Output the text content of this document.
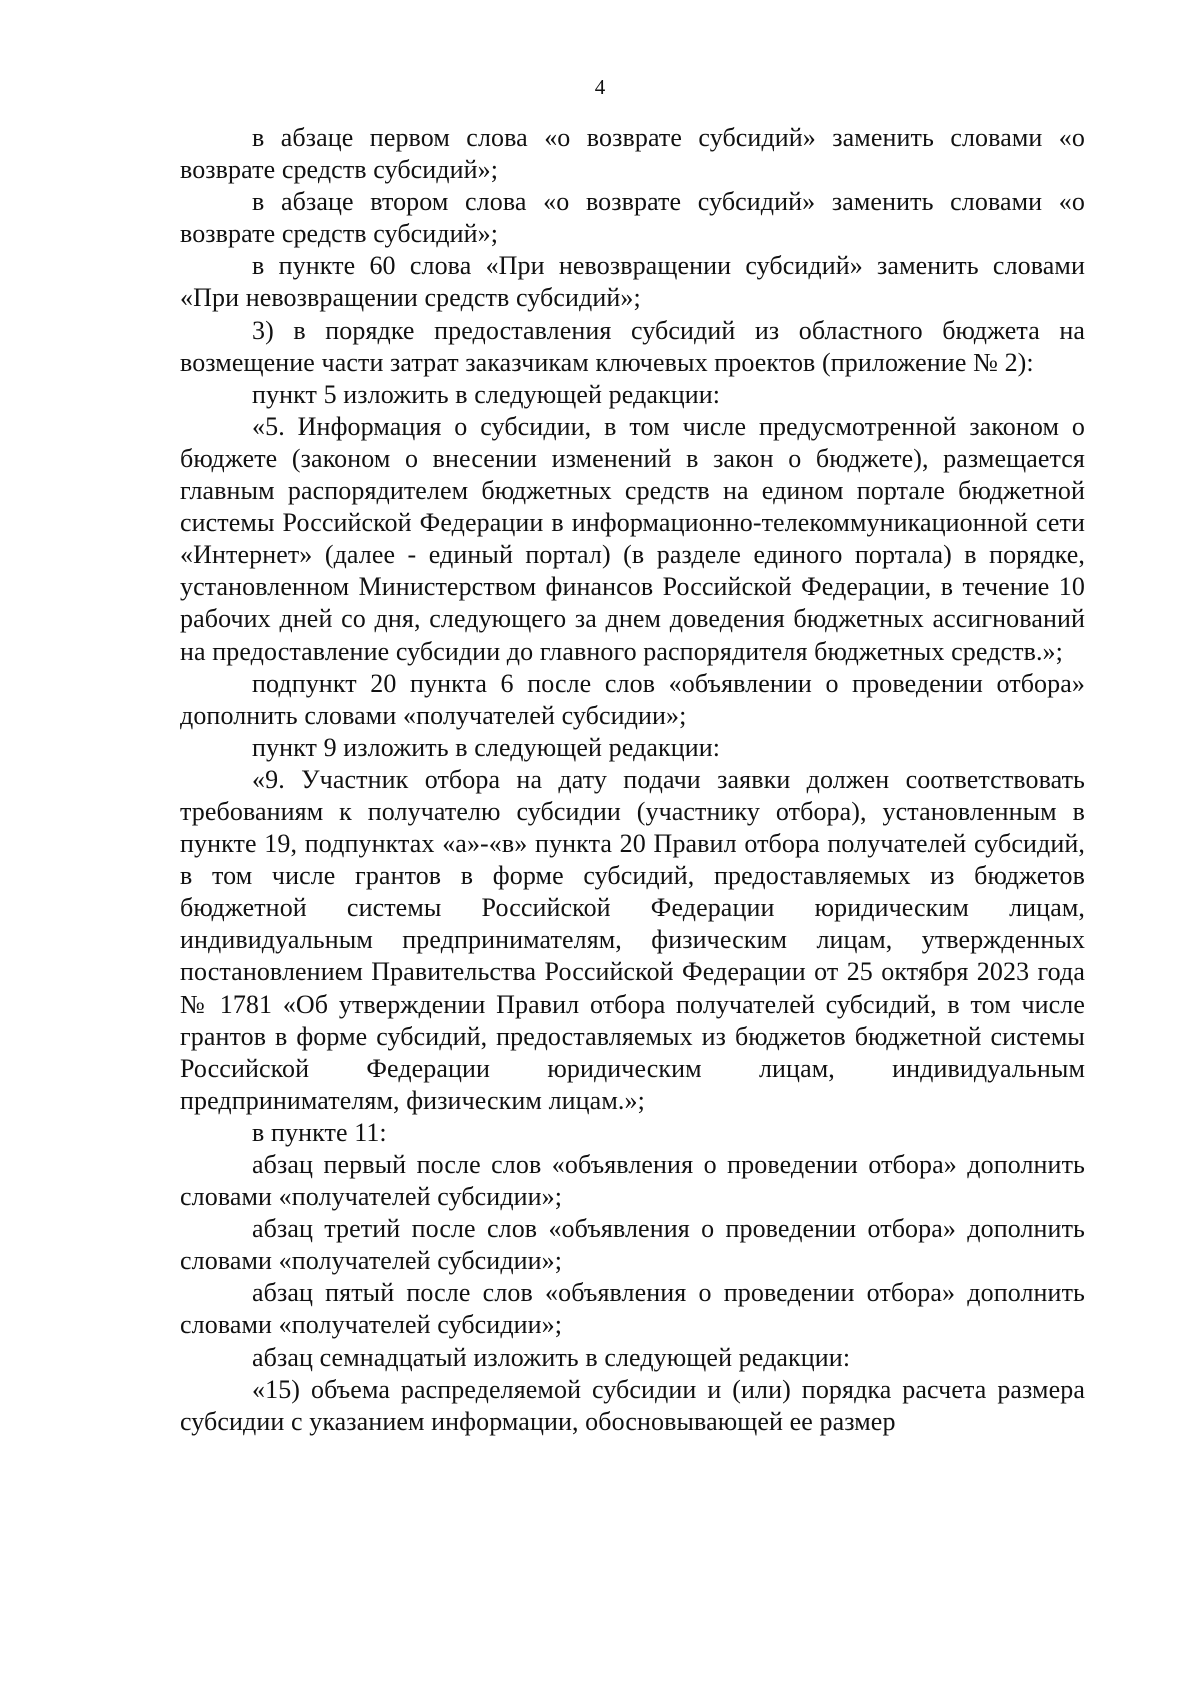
4

в абзаце первом слова «о возврате субсидий» заменить словами «о возврате средств субсидий»;

в абзаце втором слова «о возврате субсидий» заменить словами «о возврате средств субсидий»;

в пункте 60 слова «При невозвращении субсидий» заменить словами «При невозвращении средств субсидий»;

3) в порядке предоставления субсидий из областного бюджета на возмещение части затрат заказчикам ключевых проектов (приложение № 2):

пункт 5 изложить в следующей редакции:

«5. Информация о субсидии, в том числе предусмотренной законом о бюджете (законом о внесении изменений в закон о бюджете), размещается главным распорядителем бюджетных средств на едином портале бюджетной системы Российской Федерации в информационно-телекоммуникационной сети «Интернет» (далее - единый портал) (в разделе единого портала) в порядке, установленном Министерством финансов Российской Федерации, в течение 10 рабочих дней со дня, следующего за днем доведения бюджетных ассигнований на предоставление субсидии до главного распорядителя бюджетных средств.»;

подпункт 20 пункта 6 после слов «объявлении о проведении отбора» дополнить словами «получателей субсидии»;

пункт 9 изложить в следующей редакции:

«9. Участник отбора на дату подачи заявки должен соответствовать требованиям к получателю субсидии (участнику отбора), установленным в пункте 19, подпунктах «а»-«в» пункта 20 Правил отбора получателей субсидий, в том числе грантов в форме субсидий, предоставляемых из бюджетов бюджетной системы Российской Федерации юридическим лицам, индивидуальным предпринимателям, физическим лицам, утвержденных постановлением Правительства Российской Федерации от 25 октября 2023 года № 1781 «Об утверждении Правил отбора получателей субсидий, в том числе грантов в форме субсидий, предоставляемых из бюджетов бюджетной системы Российской Федерации юридическим лицам, индивидуальным предпринимателям, физическим лицам.»;

в пункте 11:

абзац первый после слов «объявления о проведении отбора» дополнить словами «получателей субсидии»;

абзац третий после слов «объявления о проведении отбора» дополнить словами «получателей субсидии»;

абзац пятый после слов «объявления о проведении отбора» дополнить словами «получателей субсидии»;

абзац семнадцатый изложить в следующей редакции:

«15) объема распределяемой субсидии и (или) порядка расчета размера субсидии с указанием информации, обосновывающей ее размер
